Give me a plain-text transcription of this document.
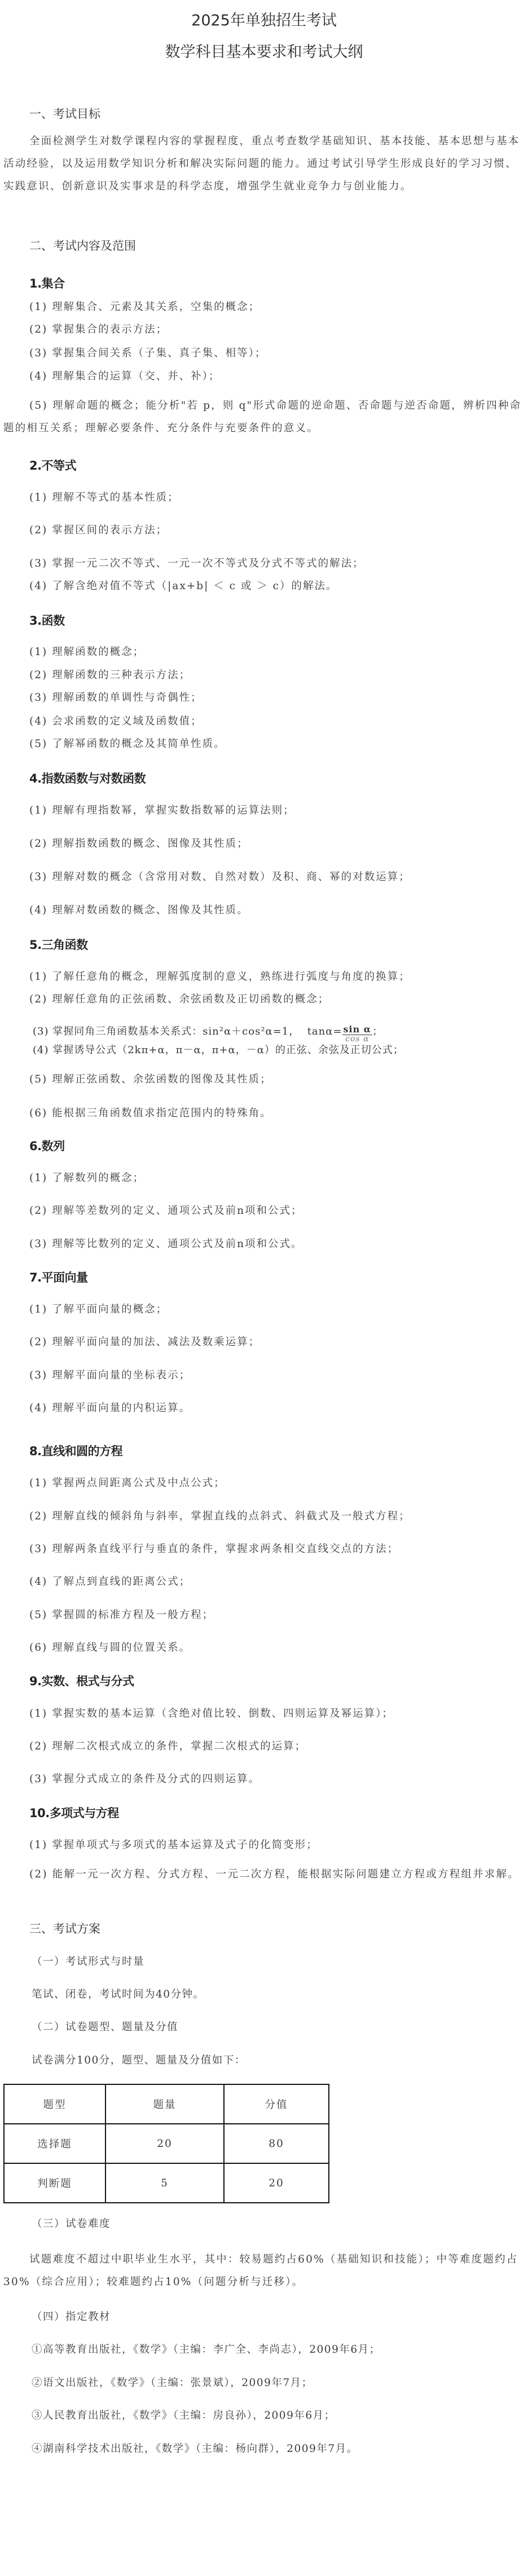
2025年单独招生考试
数学科目基本要求和考试大纲
一、考试目标
全面检测学生对数学课程内容的掌握程度，重点考查数学基础知识、基本技能、基本思想与基本活动经验，以及运用数学知识分析和解决实际问题的能力。通过考试引导学生形成良好的学习习惯、实践意识、创新意识及实事求是的科学态度，增强学生就业竞争力与创业能力。
二、考试内容及范围
1.集合
(1) 理解集合、元素及其关系，空集的概念；
(2) 掌握集合的表示方法；
(3) 掌握集合间关系（子集、真子集、相等）；
(4) 理解集合的运算（交、并、补）；
(5) 理解命题的概念；能分析"若 p，则 q"形式命题的逆命题、否命题与逆否命题，辨析四种命题的相互关系；理解必要条件、充分条件与充要条件的意义。
2.不等式
(1) 理解不等式的基本性质；
(2) 掌握区间的表示方法；
(3) 掌握一元二次不等式、一元一次不等式及分式不等式的解法；
(4) 了解含绝对值不等式（|ax+b| ＜ c 或 ＞ c）的解法。
3.函数
(1) 理解函数的概念；
(2) 理解函数的三种表示方法；
(3) 理解函数的单调性与奇偶性；
(4) 会求函数的定义域及函数值；
(5) 了解幂函数的概念及其简单性质。
4.指数函数与对数函数
(1) 理解有理指数幂，掌握实数指数幂的运算法则；
(2) 理解指数函数的概念、图像及其性质；
(3) 理解对数的概念（含常用对数、自然对数）及积、商、幂的对数运算；
(4) 理解对数函数的概念、图像及其性质。
5.三角函数
(1) 了解任意角的概念，理解弧度制的意义，熟练进行弧度与角度的换算；
(2) 理解任意角的正弦函数、余弦函数及正切函数的概念；
(3) 掌握同角三角函数基本关系式：sin²α＋cos²α=1， $\tan\alpha= \frac{\text{sin α}}{\text{cos α}}$ ；
(4) 掌握诱导公式（2kπ+α，π－α，π+α，－α）的正弦、余弦及正切公式；
(5) 理解正弦函数、余弦函数的图像及其性质；
(6) 能根据三角函数值求指定范围内的特殊角。
6.数列
(1) 了解数列的概念；
(2) 理解等差数列的定义、通项公式及前n项和公式；
(3) 理解等比数列的定义、通项公式及前n项和公式。
7.平面向量
(1) 了解平面向量的概念；
(2) 理解平面向量的加法、减法及数乘运算；
(3) 理解平面向量的坐标表示；
(4) 理解平面向量的内积运算。
8.直线和圆的方程
(1) 掌握两点间距离公式及中点公式；
(2) 理解直线的倾斜角与斜率，掌握直线的点斜式、斜截式及一般式方程；
(3) 理解两条直线平行与垂直的条件，掌握求两条相交直线交点的方法；
(4) 了解点到直线的距离公式；
(5) 掌握圆的标准方程及一般方程；
(6) 理解直线与圆的位置关系。
9.实数、根式与分式
(1) 掌握实数的基本运算（含绝对值比较、倒数、四则运算及幂运算）；
(2) 理解二次根式成立的条件，掌握二次根式的运算；
(3) 掌握分式成立的条件及分式的四则运算。
10.多项式与方程
(1) 掌握单项式与多项式的基本运算及式子的化简变形；
(2) 能解一元一次方程、分式方程、一元二次方程，能根据实际问题建立方程或方程组并求解。
三、考试方案
（一）考试形式与时量
笔试、闭卷，考试时间为40分钟。
（二）试卷题型、题量及分值
试卷满分100分，题型、题量及分值如下：
题型	题量	分值
选择题	20	80
判断题	5	20
（三）试卷难度
试题难度不超过中职毕业生水平，其中：较易题约占60%（基础知识和技能）；中等难度题约占30%（综合应用）；较难题约占10%（问题分析与迁移）。
（四）指定教材
①高等教育出版社，《数学》（主编：李广全、李尚志），2009年6月；
②语文出版社，《数学》（主编：张景斌），2009年7月；
③人民教育出版社，《数学》（主编：房良孙），2009年6月；
④湖南科学技术出版社，《数学》（主编：杨向群），2009年7月。
